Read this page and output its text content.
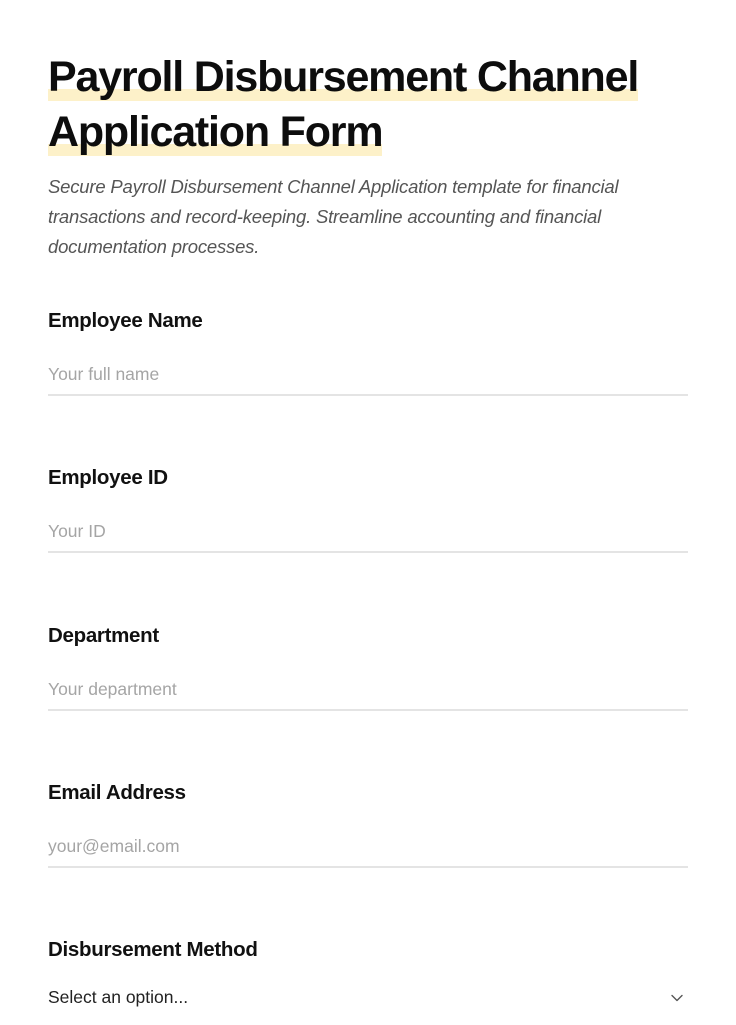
Payroll Disbursement Channel
Application Form

Secure Payroll Disbursement Channel Application template for financial transactions and record-keeping. Streamline accounting and financial documentation processes.

Employee Name
Your full name
Employee ID
Your ID
Department
Your department
Email Address
your@email.com
Disbursement Method
Select an option...
